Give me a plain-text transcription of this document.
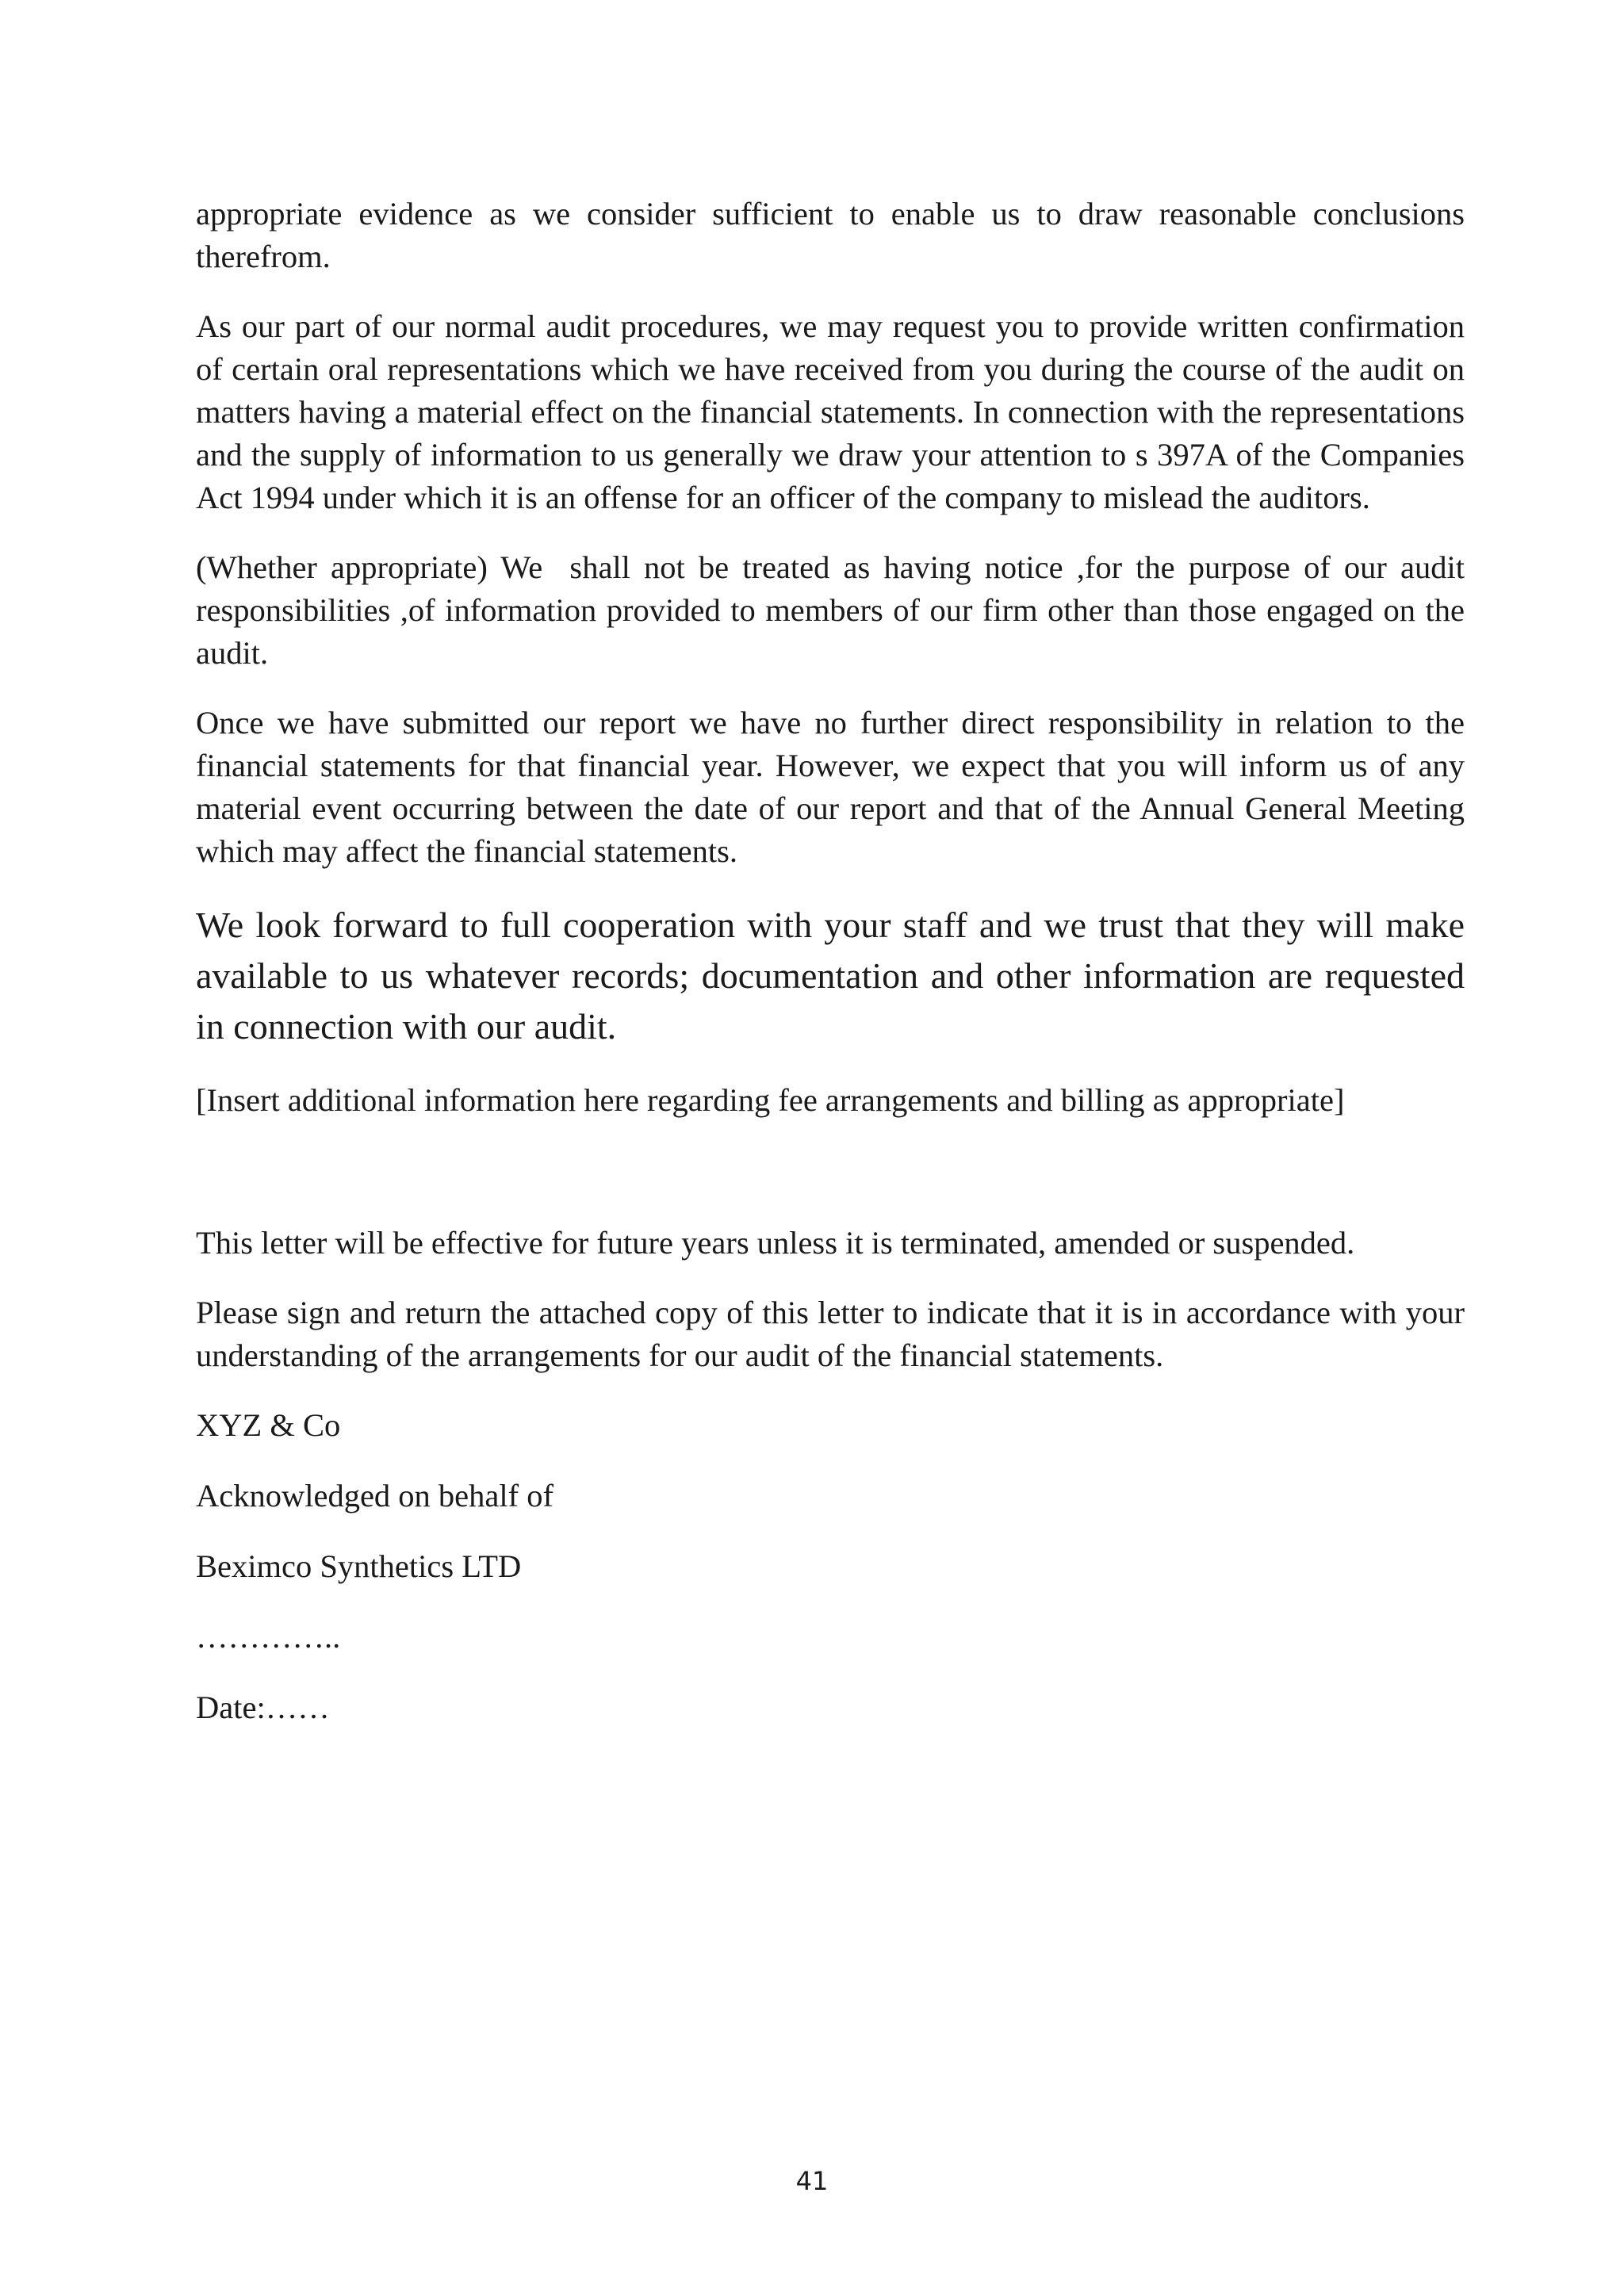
appropriate evidence as we consider sufficient to enable us to draw reasonable conclusions therefrom.

As our part of our normal audit procedures, we may request you to provide written confirmation of certain oral representations which we have received from you during the course of the audit on matters having a material effect on the financial statements. In connection with the representations and the supply of information to us generally we draw your attention to s 397A of the Companies Act 1994 under which it is an offense for an officer of the company to mislead the auditors.

(Whether appropriate) We  shall not be treated as having notice ,for the purpose of our audit responsibilities ,of information provided to members of our firm other than those engaged on the audit.

Once we have submitted our report we have no further direct responsibility in relation to the financial statements for that financial year. However, we expect that you will inform us of any material event occurring between the date of our report and that of the Annual General Meeting which may affect the financial statements.

We look forward to full cooperation with your staff and we trust that they will make available to us whatever records; documentation and other information are requested in connection with our audit.

[Insert additional information here regarding fee arrangements and billing as appropriate]

This letter will be effective for future years unless it is terminated, amended or suspended.

Please sign and return the attached copy of this letter to indicate that it is in accordance with your understanding of the arrangements for our audit of the financial statements.

XYZ & Co

Acknowledged on behalf of

Beximco Synthetics LTD

…………..

Date:……

41
